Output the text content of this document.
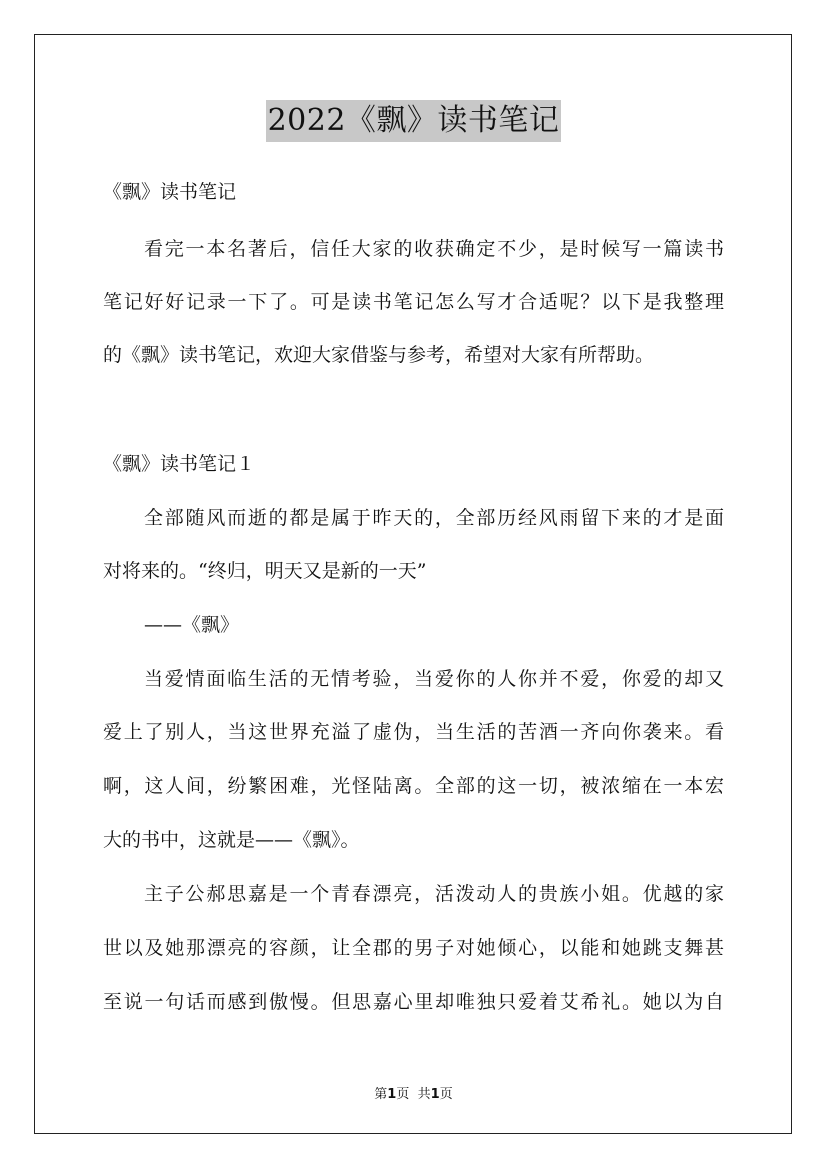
2022《飘》读书笔记
《飘》读书笔记
看完一本名著后，信任大家的收获确定不少，是时候写一篇读书
笔记好好记录一下了。可是读书笔记怎么写才合适呢？以下是我整理
的《飘》读书笔记，欢迎大家借鉴与参考，希望对大家有所帮助。
《飘》读书笔记１
全部随风而逝的都是属于昨天的，全部历经风雨留下来的才是面
对将来的。“终归，明天又是新的一天”
——《飘》
当爱情面临生活的无情考验，当爱你的人你并不爱，你爱的却又
爱上了别人，当这世界充溢了虚伪，当生活的苦酒一齐向你袭来。看
啊，这人间，纷繁困难，光怪陆离。全部的这一切，被浓缩在一本宏
大的书中，这就是——《飘》。
主子公郝思嘉是一个青春漂亮，活泼动人的贵族小姐。优越的家
世以及她那漂亮的容颜，让全郡的男子对她倾心，以能和她跳支舞甚
至说一句话而感到傲慢。但思嘉心里却唯独只爱着艾希礼。她以为自
第1页 共1页
